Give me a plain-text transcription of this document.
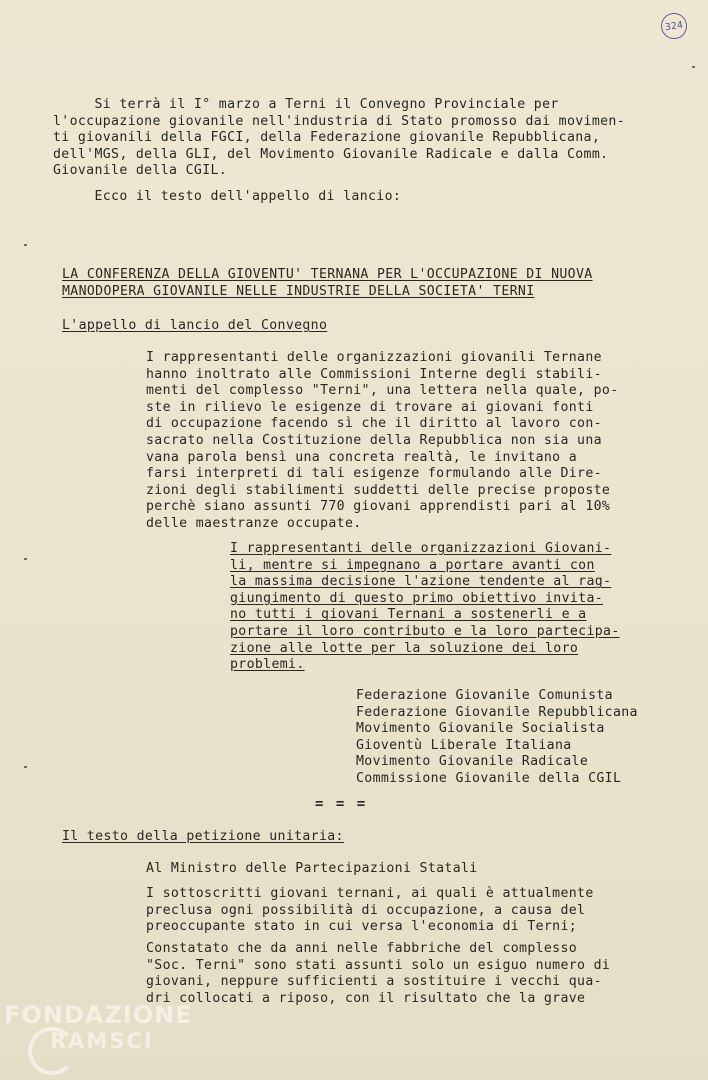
324

Si terrà il I° marzo a Terni il Convegno Provinciale per

l'occupazione giovanile nell'industria di Stato promosso dai movimen-

ti giovanili della FGCI, della Federazione giovanile Repubblicana,

dell'MGS, della GLI, del Movimento Giovanile Radicale e dalla Comm.

Giovanile della CGIL.

Ecco il testo dell'appello di lancio:

LA CONFERENZA DELLA GIOVENTU' TERNANA PER L'OCCUPAZIONE DI NUOVA

MANODOPERA GIOVANILE NELLE INDUSTRIE DELLA SOCIETA' TERNI

L'appello di lancio del Convegno

I rappresentanti delle organizzazioni giovanili Ternane

hanno inoltrato alle Commissioni Interne degli stabili-

menti del complesso "Terni", una lettera nella quale, po-

ste in rilievo le esigenze di trovare ai giovani fonti

di occupazione facendo sì che il diritto al lavoro con-

sacrato nella Costituzione della Repubblica non sia una

vana parola bensì una concreta realtà, le invitano a

farsi interpreti di tali esigenze formulando alle Dire-

zioni degli stabilimenti suddetti delle precise proposte

perchè siano assunti 770 giovani apprendisti pari al 10%

delle maestranze occupate.

I rappresentanti delle organizzazioni Giovani-

li, mentre si impegnano a portare avanti con

la massima decisione l'azione tendente al rag-

giungimento di questo primo obiettivo invita-

no tutti i giovani Ternani a sostenerli e a

portare il loro contributo e la loro partecipa-

zione alle lotte per la soluzione dei loro

problemi.

Federazione Giovanile Comunista

Federazione Giovanile Repubblicana

Movimento Giovanile Socialista

Gioventù Liberale Italiana

Movimento Giovanile Radicale

Commissione Giovanile della CGIL

= = =

Il testo della petizione unitaria:

Al Ministro delle Partecipazioni Statali

I sottoscritti giovani ternani, ai quali è attualmente

preclusa ogni possibilità di occupazione, a causa del

preoccupante stato in cui versa l'economia di Terni;

Constatato che da anni nelle fabbriche del complesso

"Soc. Terni" sono stati assunti solo un esiguo numero di

giovani, neppure sufficienti a sostituire i vecchi qua-

dri collocati a riposo, con il risultato che la grave

FONDAZIONE
RAMSCI
